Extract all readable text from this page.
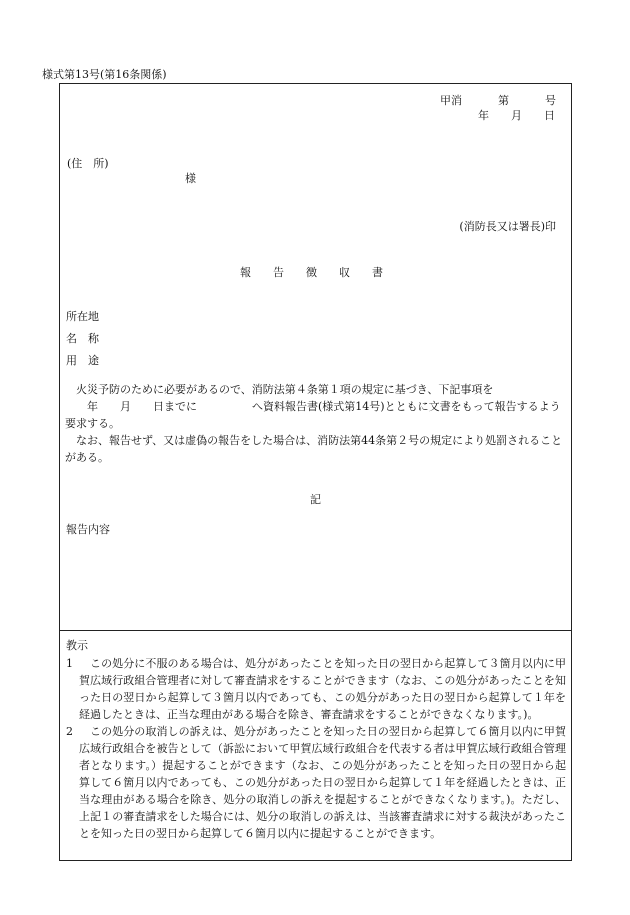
様式第13号(第16条関係)
甲消	第	号
年 月 日
(住　所)
様
(消防長又は署長)印
報　　告　　徴　　収　　書
所在地
名　称
用　途

火災予防のために必要があるので、消防法第４条第１項の規定に基づき、下記事項を
　　年　　月　　日までに　　　　　へ資料報告書(様式第14号)とともに文書をもって報告するよう要求する。

なお、報告せず、又は虚偽の報告をした場合は、消防法第44条第２号の規定により処罰されることがある。

記
報告内容
教示
1	この処分に不服のある場合は、処分があったことを知った日の翌日から起算して３箇月以内に甲賀広域行政組合管理者に対して審査請求をすることができます（なお、この処分があったことを知った日の翌日から起算して３箇月以内であっても、この処分があった日の翌日から起算して１年を経過したときは、正当な理由がある場合を除き、審査請求をすることができなくなります。)。
2	この処分の取消しの訴えは、処分があったことを知った日の翌日から起算して６箇月以内に甲賀広域行政組合を被告として（訴訟において甲賀広域行政組合を代表する者は甲賀広域行政組合管理者となります。）提起することができます（なお、この処分があったことを知った日の翌日から起算して６箇月以内であっても、この処分があった日の翌日から起算して１年を経過したときは、正当な理由がある場合を除き、処分の取消しの訴えを提起することができなくなります。)。ただし、上記１の審査請求をした場合には、処分の取消しの訴えは、当該審査請求に対する裁決があったことを知った日の翌日から起算して６箇月以内に提起することができます。
